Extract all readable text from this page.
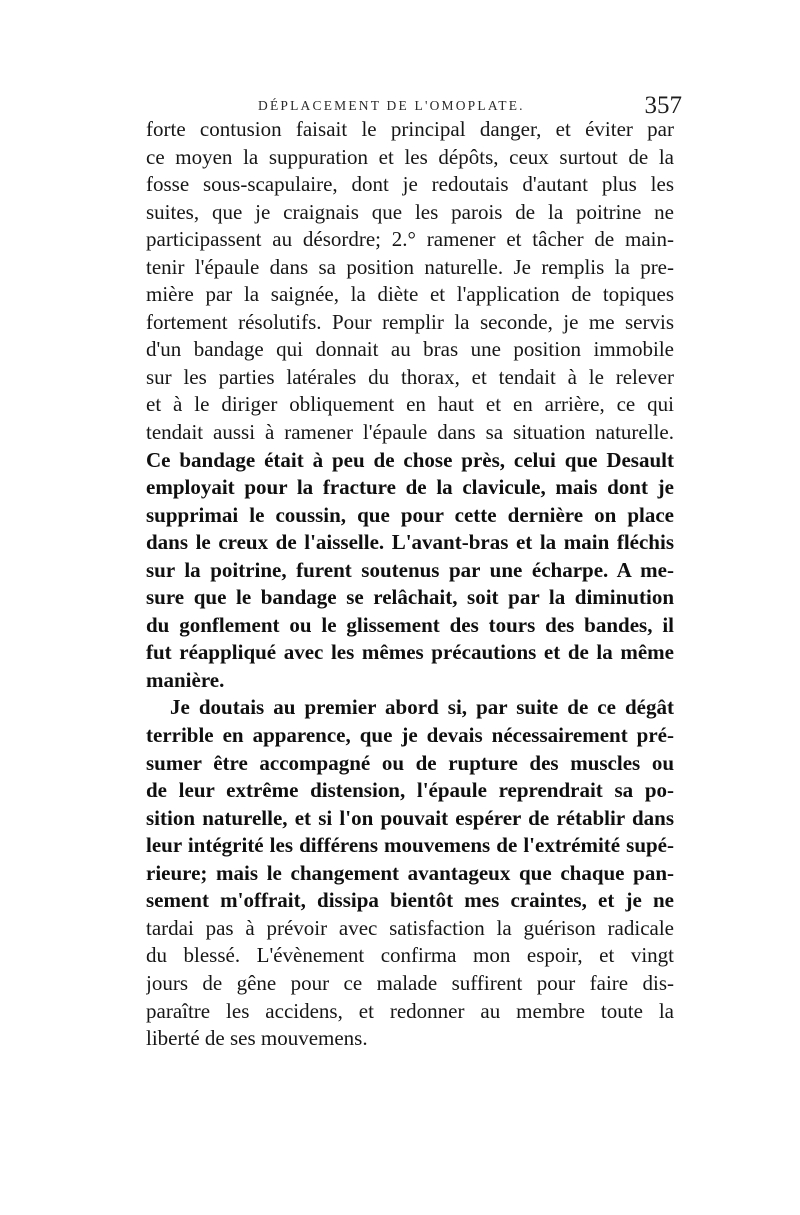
DÉPLACEMENT DE L'OMOPLATE.	357
forte contusion faisait le principal danger, et éviter par
ce moyen la suppuration et les dépôts, ceux surtout de la
fosse sous-scapulaire, dont je redoutais d'autant plus les
suites, que je craignais que les parois de la poitrine ne
participassent au désordre; 2.° ramener et tâcher de main-
tenir l'épaule dans sa position naturelle. Je remplis la pre-
mière par la saignée, la diète et l'application de topiques
fortement résolutifs. Pour remplir la seconde, je me servis
d'un bandage qui donnait au bras une position immobile
sur les parties latérales du thorax, et tendait à le relever
et à le diriger obliquement en haut et en arrière, ce qui
tendait aussi à ramener l'épaule dans sa situation naturelle.
Ce bandage était à peu de chose près, celui que Desault
employait pour la fracture de la clavicule, mais dont je
supprimai le coussin, que pour cette dernière on place
dans le creux de l'aisselle. L'avant-bras et la main fléchis
sur la poitrine, furent soutenus par une écharpe. A me-
sure que le bandage se relâchait, soit par la diminution
du gonflement ou le glissement des tours des bandes, il
fut réappliqué avec les mêmes précautions et de la même
manière.
Je doutais au premier abord si, par suite de ce dégât
terrible en apparence, que je devais nécessairement pré-
sumer être accompagné ou de rupture des muscles ou
de leur extrême distension, l'épaule reprendrait sa po-
sition naturelle, et si l'on pouvait espérer de rétablir dans
leur intégrité les différens mouvemens de l'extrémité supé-
rieure; mais le changement avantageux que chaque pan-
sement m'offrait, dissipa bientôt mes craintes, et je ne
tardai pas à prévoir avec satisfaction la guérison radicale
du blessé. L'évènement confirma mon espoir, et vingt
jours de gêne pour ce malade suffirent pour faire dis-
paraître les accidens, et redonner au membre toute la
liberté de ses mouvemens.
